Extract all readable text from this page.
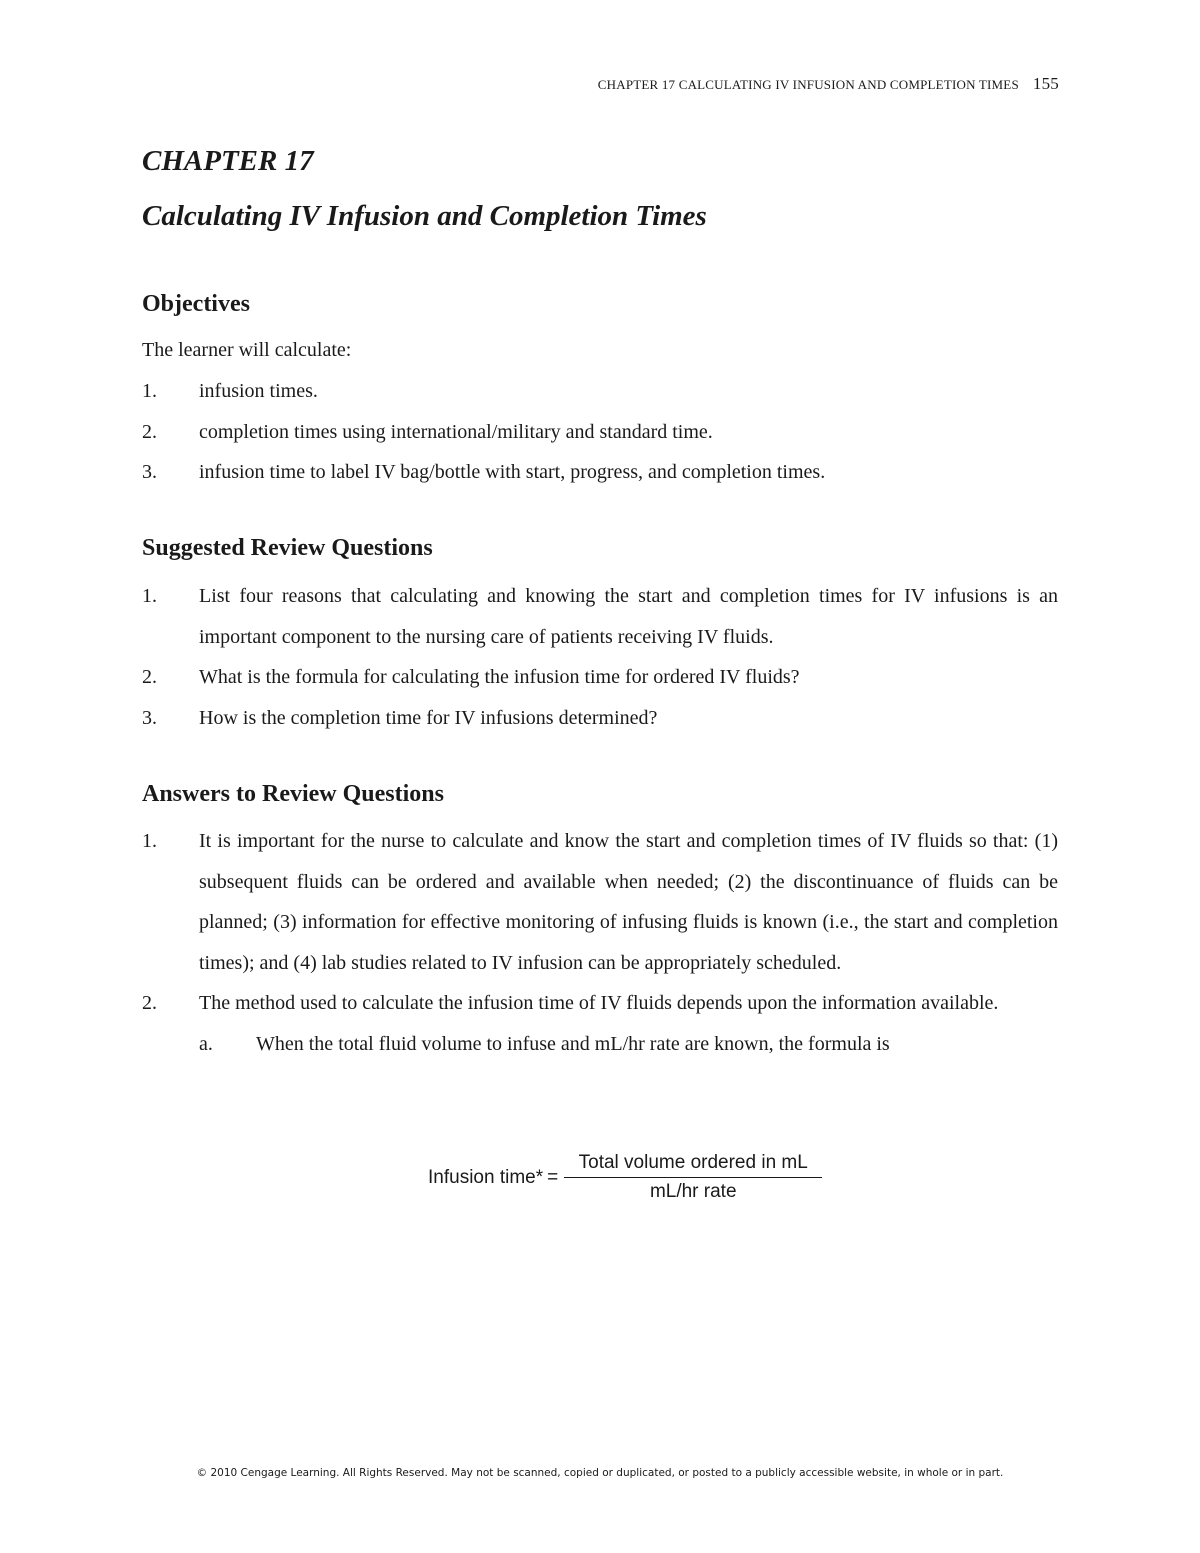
CHAPTER 17 CALCULATING IV INFUSION AND COMPLETION TIMES 155
CHAPTER 17
Calculating IV Infusion and Completion Times
Objectives
The learner will calculate:
1.	infusion times.
2.	completion times using international/military and standard time.
3.	infusion time to label IV bag/bottle with start, progress, and completion times.
Suggested Review Questions
1.	List four reasons that calculating and knowing the start and completion times for IV infusions is an important component to the nursing care of patients receiving IV fluids.
2.	What is the formula for calculating the infusion time for ordered IV fluids?
3.	How is the completion time for IV infusions determined?
Answers to Review Questions
1.	It is important for the nurse to calculate and know the start and completion times of IV fluids so that: (1) subsequent fluids can be ordered and available when needed; (2) the discontinuance of fluids can be planned; (3) information for effective monitoring of infusing fluids is known (i.e., the start and completion times); and (4) lab studies related to IV infusion can be appropriately scheduled.
2.	The method used to calculate the infusion time of IV fluids depends upon the information available.
a.	When the total fluid volume to infuse and mL/hr rate are known, the formula is
Infusion time* = $\frac{\text{Total volume ordered in mL}}{\text{mL/hr rate}}$
© 2010 Cengage Learning. All Rights Reserved. May not be scanned, copied or duplicated, or posted to a publicly accessible website, in whole or in part.
